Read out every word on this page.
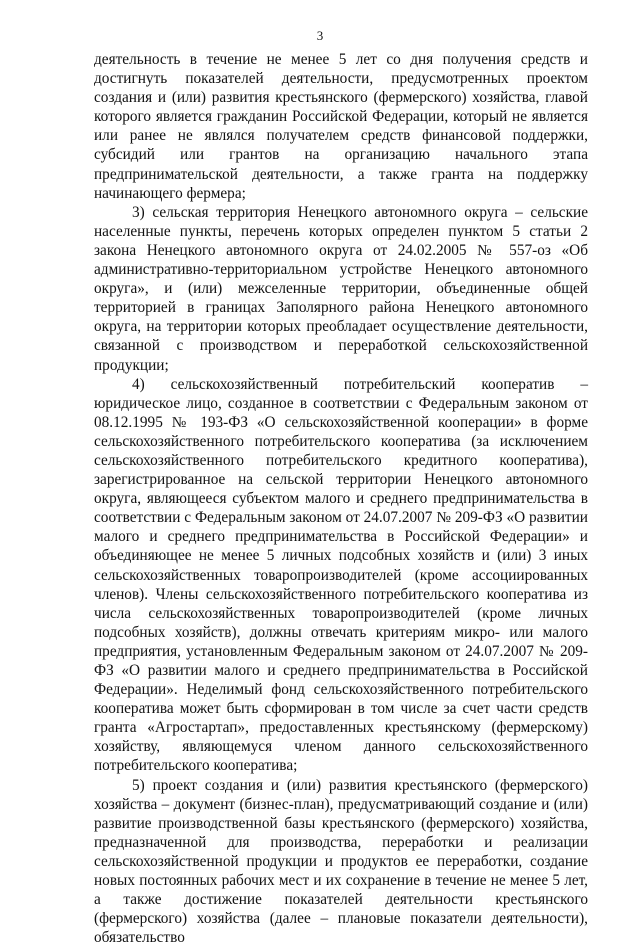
3

деятельность в течение не менее 5 лет со дня получения средств и достигнуть показателей деятельности, предусмотренных проектом создания и (или) развития крестьянского (фермерского) хозяйства, главой которого является гражданин Российской Федерации, который не является или ранее не являлся получателем средств финансовой поддержки, субсидий или грантов на организацию начального этапа предпринимательской деятельности, а также гранта на поддержку начинающего фермера;

3) сельская территория Ненецкого автономного округа – сельские населенные пункты, перечень которых определен пунктом 5 статьи 2 закона Ненецкого автономного округа от 24.02.2005 № 557-оз «Об административно-территориальном устройстве Ненецкого автономного округа», и (или) межселенные территории, объединенные общей территорией в границах Заполярного района Ненецкого автономного округа, на территории которых преобладает осуществление деятельности, связанной с производством и переработкой сельскохозяйственной продукции;

4) сельскохозяйственный потребительский кооператив – юридическое лицо, созданное в соответствии с Федеральным законом от 08.12.1995 № 193-ФЗ «О сельскохозяйственной кооперации» в форме сельскохозяйственного потребительского кооператива (за исключением сельскохозяйственного потребительского кредитного кооператива), зарегистрированное на сельской территории Ненецкого автономного округа, являющееся субъектом малого и среднего предпринимательства в соответствии с Федеральным законом от 24.07.2007 № 209-ФЗ «О развитии малого и среднего предпринимательства в Российской Федерации» и объединяющее не менее 5 личных подсобных хозяйств и (или) 3 иных сельскохозяйственных товаропроизводителей (кроме ассоциированных членов). Члены сельскохозяйственного потребительского кооператива из числа сельскохозяйственных товаропроизводителей (кроме личных подсобных хозяйств), должны отвечать критериям микро- или малого предприятия, установленным Федеральным законом от 24.07.2007 № 209-ФЗ «О развитии малого и среднего предпринимательства в Российской Федерации». Неделимый фонд сельскохозяйственного потребительского кооператива может быть сформирован в том числе за счет части средств гранта «Агростартап», предоставленных крестьянскому (фермерскому) хозяйству, являющемуся членом данного сельскохозяйственного потребительского кооператива;

5) проект создания и (или) развития крестьянского (фермерского) хозяйства – документ (бизнес-план), предусматривающий создание и (или) развитие производственной базы крестьянского (фермерского) хозяйства, предназначенной для производства, переработки и реализации сельскохозяйственной продукции и продуктов ее переработки, создание новых постоянных рабочих мест и их сохранение в течение не менее 5 лет, а также достижение показателей деятельности крестьянского (фермерского) хозяйства (далее – плановые показатели деятельности), обязательство
